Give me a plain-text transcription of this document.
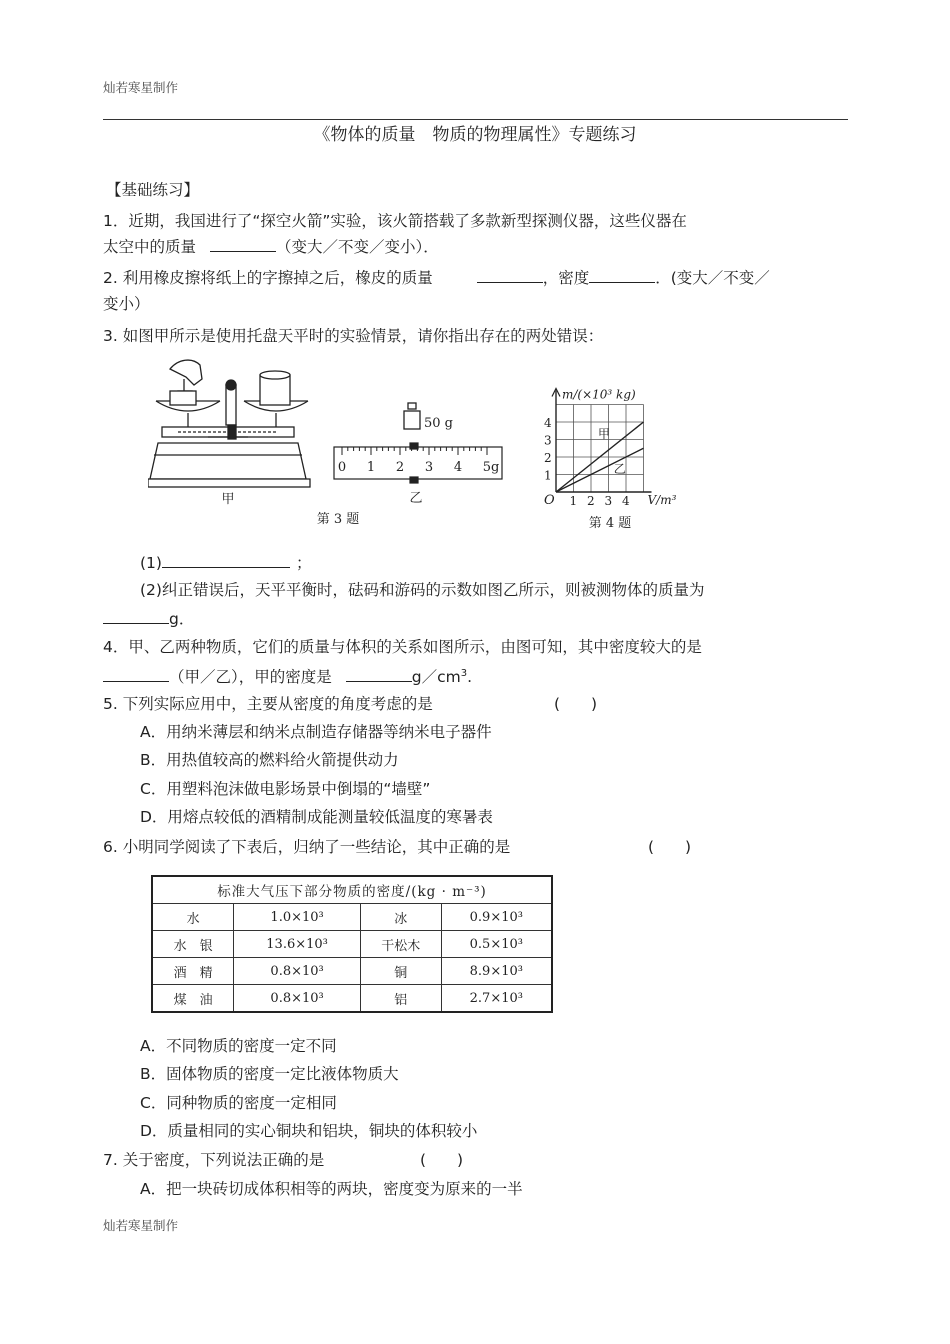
灿若寒星制作
《物体的质量　物质的物理属性》专题练习
【基础练习】
1．近期，我国进行了“探空火箭”实验，该火箭搭载了多款新型探测仪器，这些仪器在
太空中的质量	（变大／不变／变小）．
2. 利用橡皮擦将纸上的字擦掉之后，橡皮的质量	，密度	．(变大／不变／
变小）
3. 如图甲所示是使用托盘天平时的实验情景，请你指出存在的两处错误：
甲
第 3 题
50 g
0 1 2 3 4 5g
乙
m/(×10³ kg)
V/m³
O
1
2
3
4
1 2 3 4
甲
乙
第 4 题
(1)	；
(2)纠正错误后，天平平衡时，砝码和游码的示数如图乙所示，则被测物体的质量为
g．
4．甲、乙两种物质，它们的质量与体积的关系如图所示，由图可知，其中密度较大的是
（甲／乙），甲的密度是	$g/cm^3$.
5. 下列实际应用中，主要从密度的角度考虑的是	(　　)
A．用纳米薄层和纳米点制造存储器等纳米电子器件
B．用热值较高的燃料给火箭提供动力
C．用塑料泡沫做电影场景中倒塌的“墙壁”
D．用熔点较低的酒精制成能测量较低温度的寒暑表
6. 小明同学阅读了下表后，归纳了一些结论，其中正确的是	(　　)
标准大气压下部分物质的密度/(kg · m⁻³)			
水	1.0×10³	冰	0.9×10³
水　银	13.6×10³	干松木	0.5×10³
酒　精	0.8×10³	铜	8.9×10³
煤　油	0.8×10³	铝	2.7×10³
A．不同物质的密度一定不同
B．固体物质的密度一定比液体物质大
C．同种物质的密度一定相同
D．质量相同的实心铜块和铝块，铜块的体积较小
7. 关于密度，下列说法正确的是	(　　)
A．把一块砖切成体积相等的两块，密度变为原来的一半
灿若寒星制作
